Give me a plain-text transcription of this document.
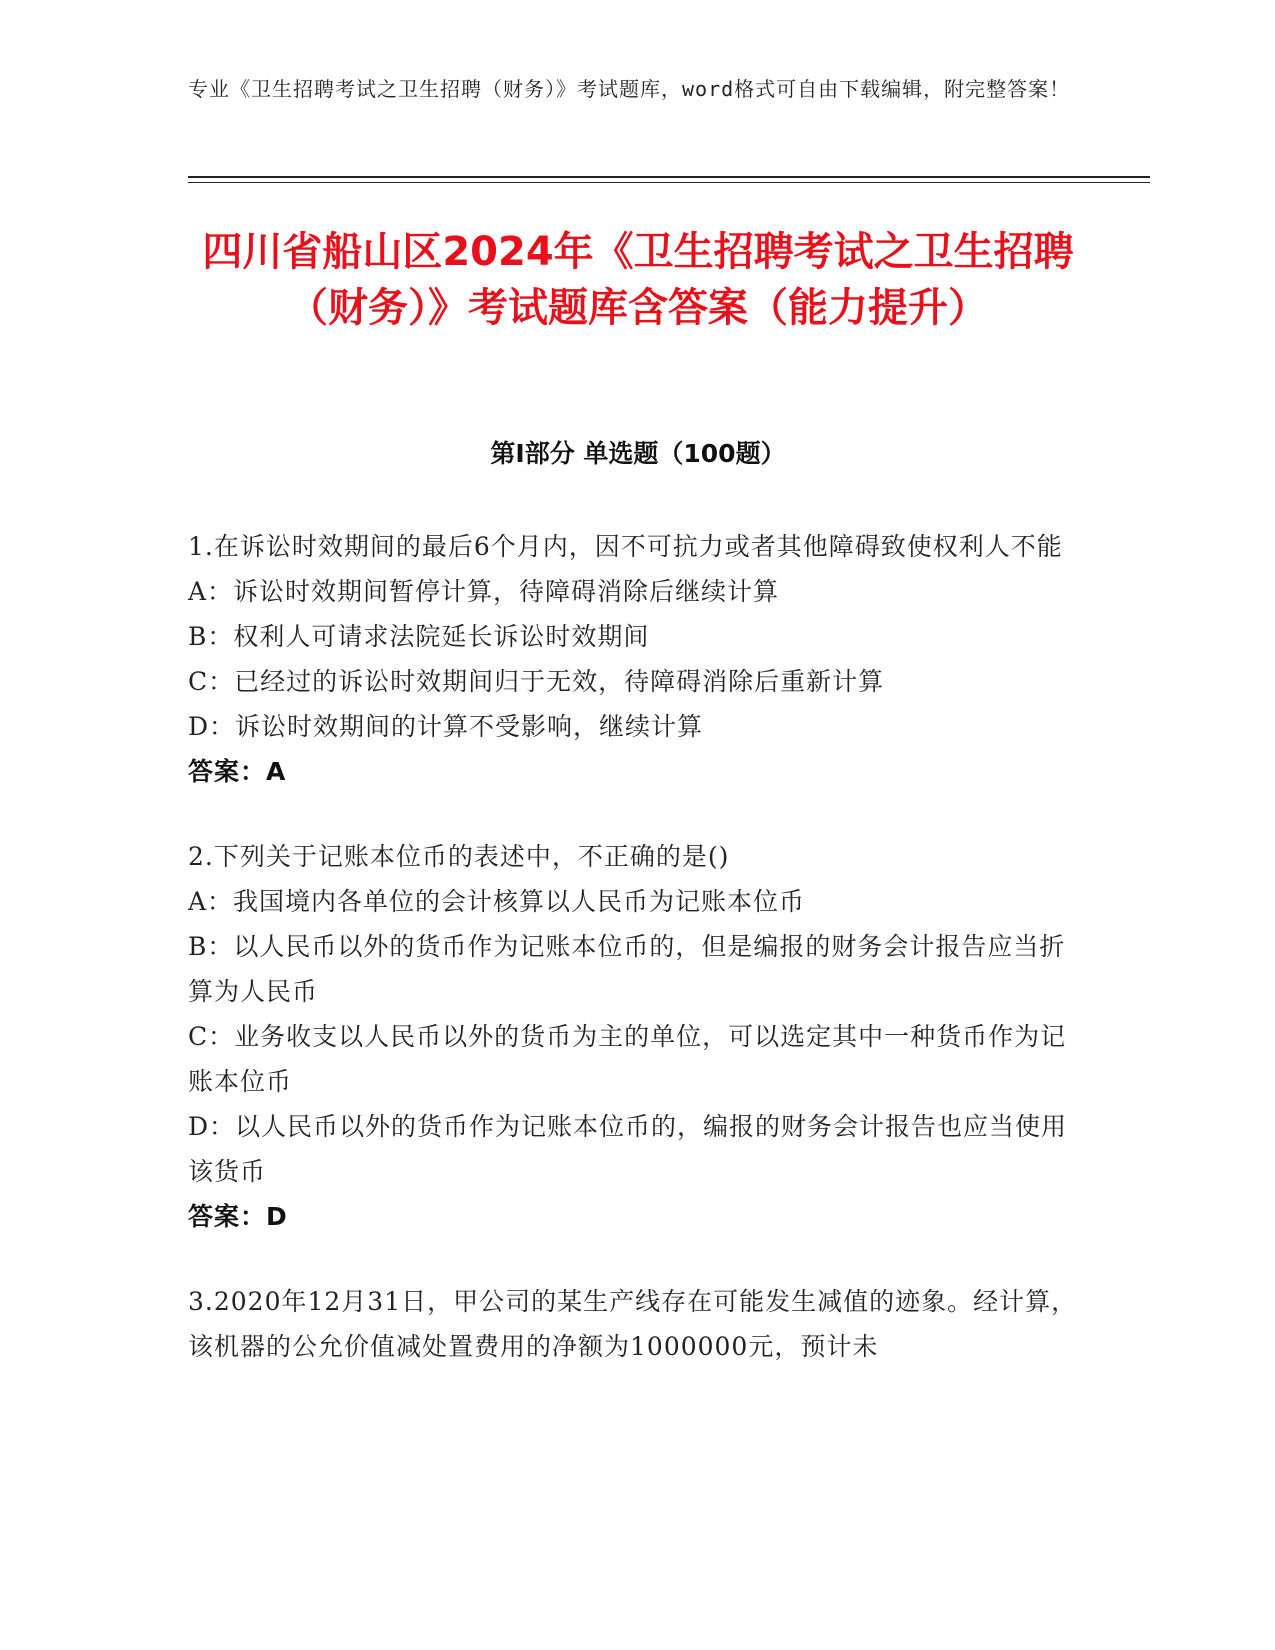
专业《卫生招聘考试之卫生招聘（财务）》考试题库，word格式可自由下载编辑，附完整答案！
四川省船山区2024年《卫生招聘考试之卫生招聘（财务）》考试题库含答案（能力提升）
第Ⅰ部分 单选题（100题）

1.在诉讼时效期间的最后6个月内，因不可抗力或者其他障碍致使权利人不能

A：诉讼时效期间暂停计算，待障碍消除后继续计算

B：权利人可请求法院延长诉讼时效期间

C：已经过的诉讼时效期间归于无效，待障碍消除后重新计算

D：诉讼时效期间的计算不受影响，继续计算

答案：A

2.下列关于记账本位币的表述中，不正确的是()

A：我国境内各单位的会计核算以人民币为记账本位币

B：以人民币以外的货币作为记账本位币的，但是编报的财务会计报告应当折算为人民币

C：业务收支以人民币以外的货币为主的单位，可以选定其中一种货币作为记账本位币

D：以人民币以外的货币作为记账本位币的，编报的财务会计报告也应当使用该货币

答案：D

3.2020年12月31日，甲公司的某生产线存在可能发生减值的迹象。经计算，该机器的公允价值减处置费用的净额为1000000元，预计未
